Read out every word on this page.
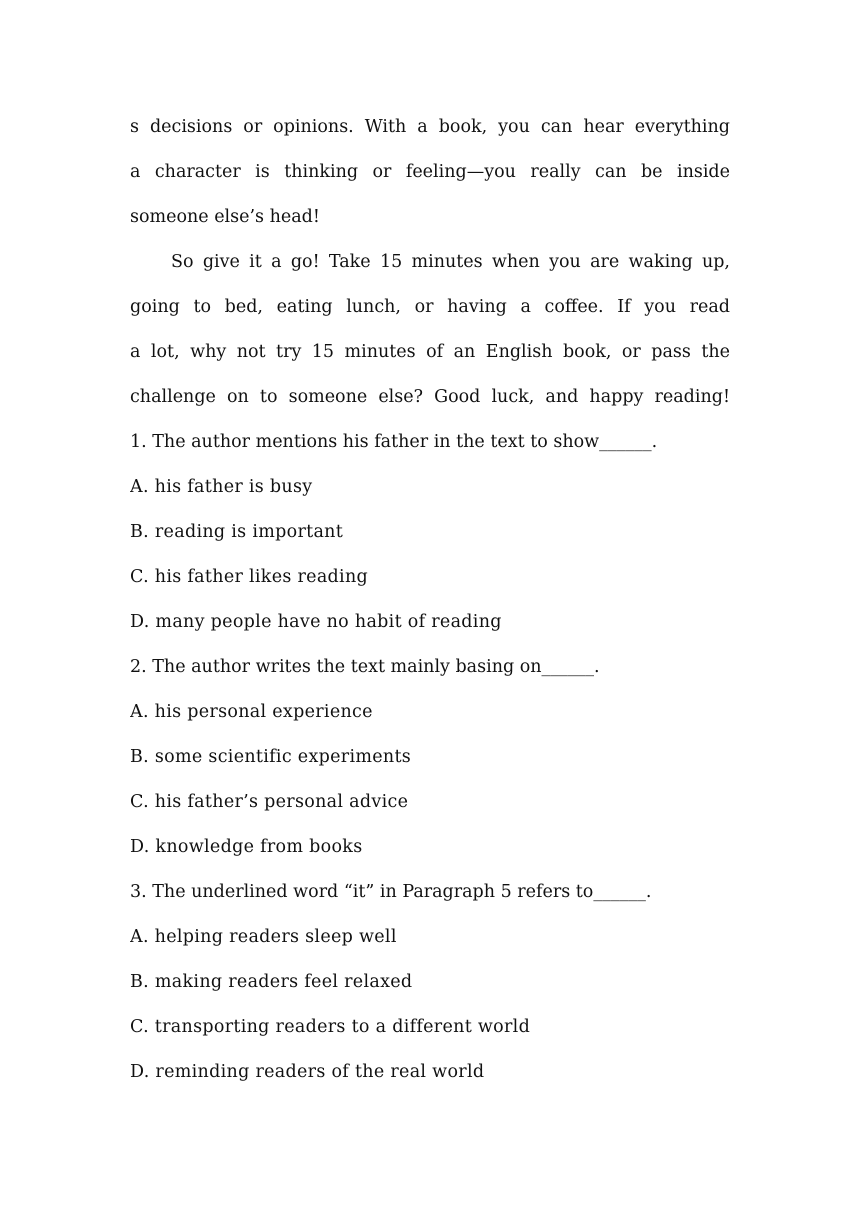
s decisions or opinions. With a book, you can hear everything
a character is thinking or feeling—you really can be inside
someone else’s head!
So give it a go! Take 15 minutes when you are waking up,
going to bed, eating lunch, or having a coffee. If you read
a lot, why not try 15 minutes of an English book, or pass the
challenge on to someone else? Good luck, and happy reading!
1. The author mentions his father in the text to show______.
A. his father is busy
B. reading is important
C. his father likes reading
D. many people have no habit of reading
2. The author writes the text mainly basing on______.
A. his personal experience
B. some scientific experiments
C. his father’s personal advice
D. knowledge from books
3. The underlined word “it” in Paragraph 5 refers to______.
A. helping readers sleep well
B. making readers feel relaxed
C. transporting readers to a different world
D. reminding readers of the real world
